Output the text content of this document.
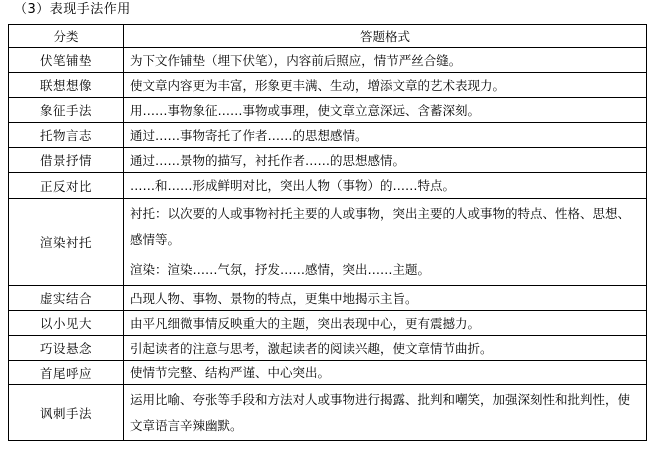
（3）表现手法作用
分类	答题格式
伏笔铺垫	为下文作铺垫（埋下伏笔），内容前后照应，情节严丝合缝。
联想想像	使文章内容更为丰富，形象更丰满、生动，增添文章的艺术表现力。
象征手法	用……事物象征……事物或事理，使文章立意深远、含蓄深刻。
托物言志	通过……事物寄托了作者……的思想感情。
借景抒情	通过……景物的描写，衬托作者……的思想感情。
正反对比	……和……形成鲜明对比，突出人物（事物）的……特点。
渲染衬托	衬托：以次要的人或事物衬托主要的人或事物，突出主要的人或事物的特点、性格、思想、感情等。
渲染：渲染……气氛，抒发……感情，突出……主题。

虚实结合	凸现人物、事物、景物的特点，更集中地揭示主旨。
以小见大	由平凡细微事情反映重大的主题，突出表现中心，更有震撼力。
巧设悬念	引起读者的注意与思考，激起读者的阅读兴趣，使文章情节曲折。
首尾呼应	使情节完整、结构严谨、中心突出。
讽刺手法	运用比喻、夸张等手段和方法对人或事物进行揭露、批判和嘲笑，加强深刻性和批判性，使文章语言辛辣幽默。
